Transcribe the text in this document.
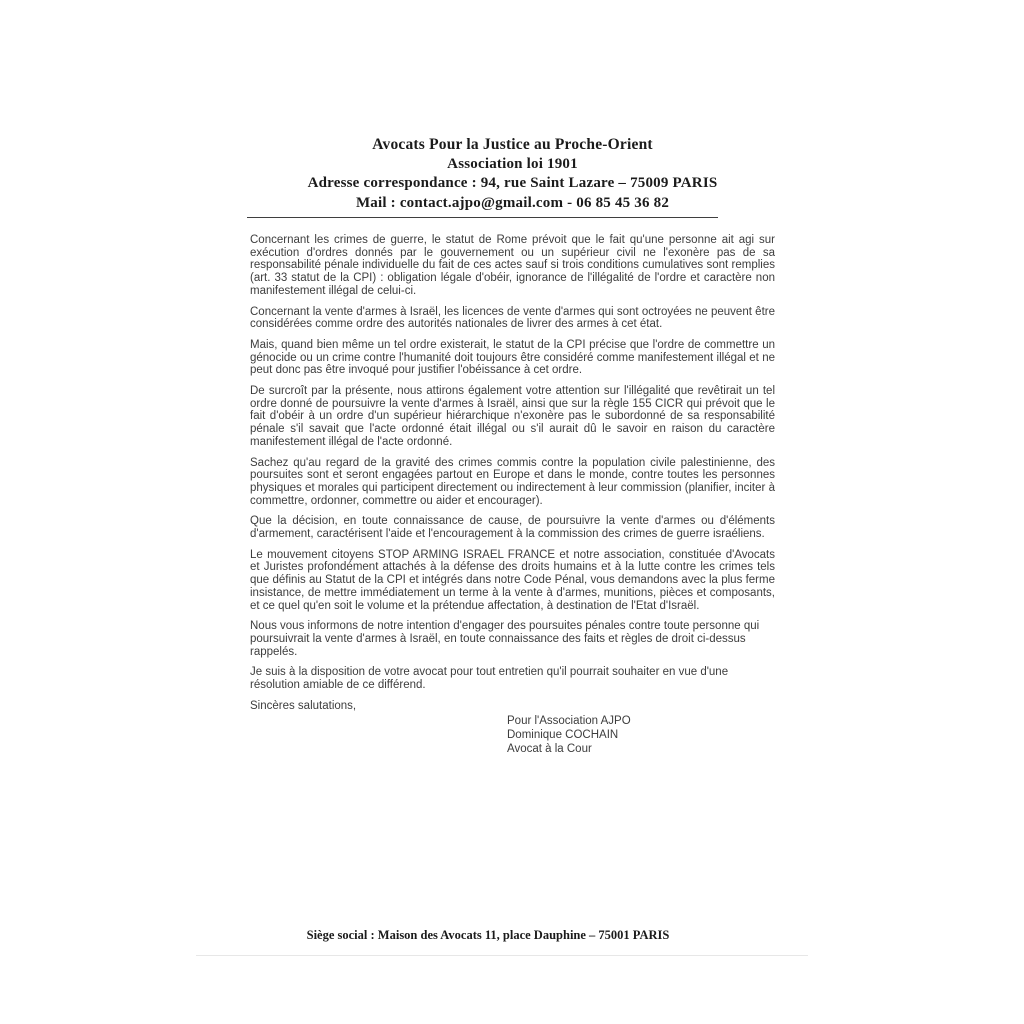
Avocats Pour la Justice au Proche-Orient
Association loi 1901
Adresse correspondance : 94, rue Saint Lazare – 75009 PARIS
Mail : contact.ajpo@gmail.com - 06 85 45 36 82

Concernant les crimes de guerre, le statut de Rome prévoit que le fait qu'une personne ait agi sur exécution d'ordres donnés par le gouvernement ou un supérieur civil ne l'exonère pas de sa responsabilité pénale individuelle du fait de ces actes sauf si trois conditions cumulatives sont remplies (art. 33 statut de la CPI) : obligation légale d'obéir, ignorance de l'illégalité de l'ordre et caractère non manifestement illégal de celui-ci.

Concernant la vente d'armes à Israël, les licences de vente d'armes qui sont octroyées ne peuvent être considérées comme ordre des autorités nationales de livrer des armes à cet état.

Mais, quand bien même un tel ordre existerait, le statut de la CPI précise que l'ordre de commettre un génocide ou un crime contre l'humanité doit toujours être considéré comme manifestement illégal et ne peut donc pas être invoqué pour justifier l'obéissance à cet ordre.

De surcroît par la présente, nous attirons également votre attention sur l'illégalité que revêtirait un tel ordre donné de poursuivre la vente d'armes à Israël, ainsi que sur la règle 155 CICR qui prévoit que le fait d'obéir à un ordre d'un supérieur hiérarchique n'exonère pas le subordonné de sa responsabilité pénale s'il savait que l'acte ordonné était illégal ou s'il aurait dû le savoir en raison du caractère manifestement illégal de l'acte ordonné.

Sachez qu'au regard de la gravité des crimes commis contre la population civile palestinienne, des poursuites sont et seront engagées partout en Europe et dans le monde, contre toutes les personnes physiques et morales qui participent directement ou indirectement à leur commission (planifier, inciter à commettre, ordonner, commettre ou aider et encourager).

Que la décision, en toute connaissance de cause, de poursuivre la vente d'armes ou d'éléments d'armement, caractérisent l'aide et l'encouragement à la commission des crimes de guerre israéliens.

Le mouvement citoyens STOP ARMING ISRAEL FRANCE et notre association, constituée d'Avocats et Juristes profondément attachés à la défense des droits humains et à la lutte contre les crimes tels que définis au Statut de la CPI et intégrés dans notre Code Pénal, vous demandons avec la plus ferme insistance, de mettre immédiatement un terme à la vente à d'armes, munitions, pièces et composants, et ce quel qu'en soit le volume et la prétendue affectation, à destination de l'Etat d'Israël.

Nous vous informons de notre intention d'engager des poursuites pénales contre toute personne qui poursuivrait la vente d'armes à Israël, en toute connaissance des faits et règles de droit ci-dessus rappelés.

Je suis à la disposition de votre avocat pour tout entretien qu'il pourrait souhaiter en vue d'une résolution amiable de ce différend.

Sincères salutations,

Pour l'Association AJPO
Dominique COCHAIN
Avocat à la Cour
Siège social : Maison des Avocats 11, place Dauphine – 75001 PARIS
